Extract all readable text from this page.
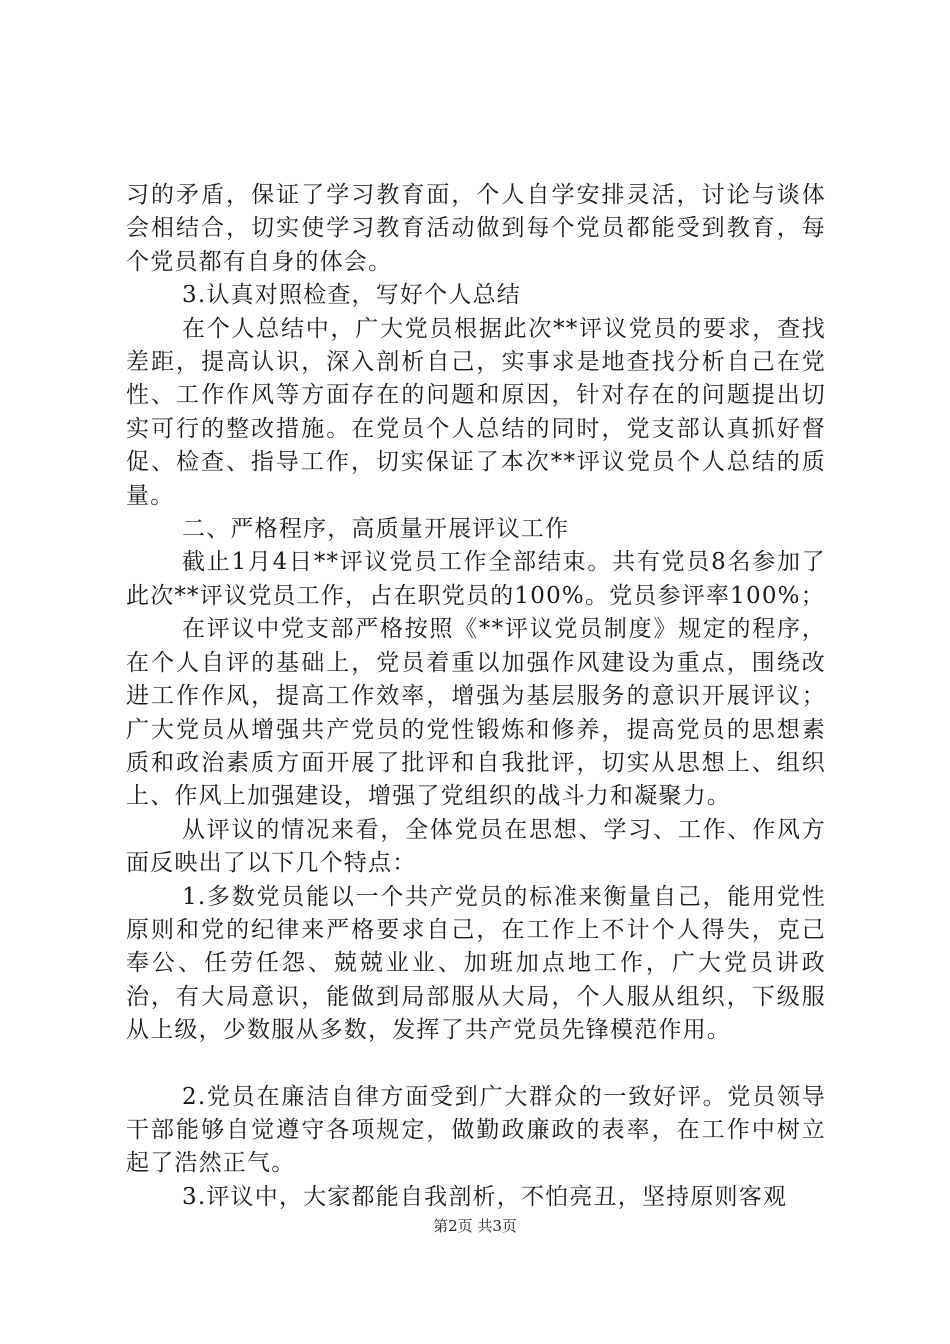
习的矛盾，保证了学习教育面，个人自学安排灵活，讨论与谈体会相结合，切实使学习教育活动做到每个党员都能受到教育，每个党员都有自身的体会。

3.认真对照检查，写好个人总结

在个人总结中，广大党员根据此次**评议党员的要求，查找差距，提高认识，深入剖析自己，实事求是地查找分析自己在党性、工作作风等方面存在的问题和原因，针对存在的问题提出切实可行的整改措施。在党员个人总结的同时，党支部认真抓好督促、检查、指导工作，切实保证了本次**评议党员个人总结的质量。

二、严格程序，高质量开展评议工作

截止1月4日**评议党员工作全部结束。共有党员8名参加了此次**评议党员工作，占在职党员的100%。党员参评率100%；

在评议中党支部严格按照《**评议党员制度》规定的程序，在个人自评的基础上，党员着重以加强作风建设为重点，围绕改进工作作风，提高工作效率，增强为基层服务的意识开展评议；广大党员从增强共产党员的党性锻炼和修养，提高党员的思想素质和政治素质方面开展了批评和自我批评，切实从思想上、组织上、作风上加强建设，增强了党组织的战斗力和凝聚力。

从评议的情况来看，全体党员在思想、学习、工作、作风方面反映出了以下几个特点：

1.多数党员能以一个共产党员的标准来衡量自己，能用党性原则和党的纪律来严格要求自己，在工作上不计个人得失，克己奉公、任劳任怨、兢兢业业、加班加点地工作，广大党员讲政治，有大局意识，能做到局部服从大局，个人服从组织，下级服从上级，少数服从多数，发挥了共产党员先锋模范作用。

2.党员在廉洁自律方面受到广大群众的一致好评。党员领导干部能够自觉遵守各项规定，做勤政廉政的表率，在工作中树立起了浩然正气。

3.评议中，大家都能自我剖析，不怕亮丑，坚持原则客观

第2页 共3页
